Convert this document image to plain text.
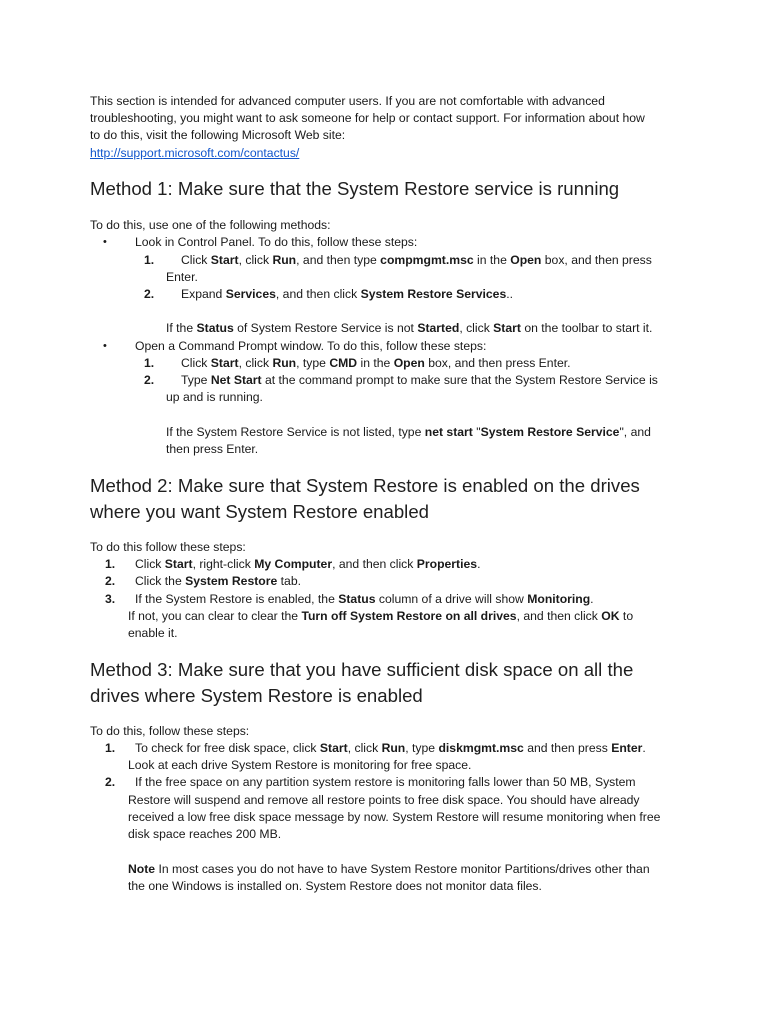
This section is intended for advanced computer users. If you are not comfortable with advanced
troubleshooting, you might want to ask someone for help or contact support. For information about how
to do this, visit the following Microsoft Web site:
http://support.microsoft.com/contactus/
Method 1: Make sure that the System Restore service is running
To do this, use one of the following methods:
• Look in Control Panel. To do this, follow these steps:
1. Click Start, click Run, and then type compmgmt.msc in the Open box, and then press
Enter.
2. Expand Services, and then click System Restore Services..
If the Status of System Restore Service is not Started, click Start on the toolbar to start it.
• Open a Command Prompt window. To do this, follow these steps:
1. Click Start, click Run, type CMD in the Open box, and then press Enter.
2. Type Net Start at the command prompt to make sure that the System Restore Service is
up and is running.
If the System Restore Service is not listed, type net start "System Restore Service", and
then press Enter.
Method 2: Make sure that System Restore is enabled on the drives
where you want System Restore enabled
To do this follow these steps:
1. Click Start, right-click My Computer, and then click Properties.
2. Click the System Restore tab.
3. If the System Restore is enabled, the Status column of a drive will show Monitoring.
If not, you can clear to clear the Turn off System Restore on all drives, and then click OK to
enable it.
Method 3: Make sure that you have sufficient disk space on all the
drives where System Restore is enabled
To do this, follow these steps:
1. To check for free disk space, click Start, click Run, type diskmgmt.msc and then press Enter.
Look at each drive System Restore is monitoring for free space.
2. If the free space on any partition system restore is monitoring falls lower than 50 MB, System
Restore will suspend and remove all restore points to free disk space. You should have already
received a low free disk space message by now. System Restore will resume monitoring when free
disk space reaches 200 MB.
Note In most cases you do not have to have System Restore monitor Partitions/drives other than
the one Windows is installed on. System Restore does not monitor data files.
